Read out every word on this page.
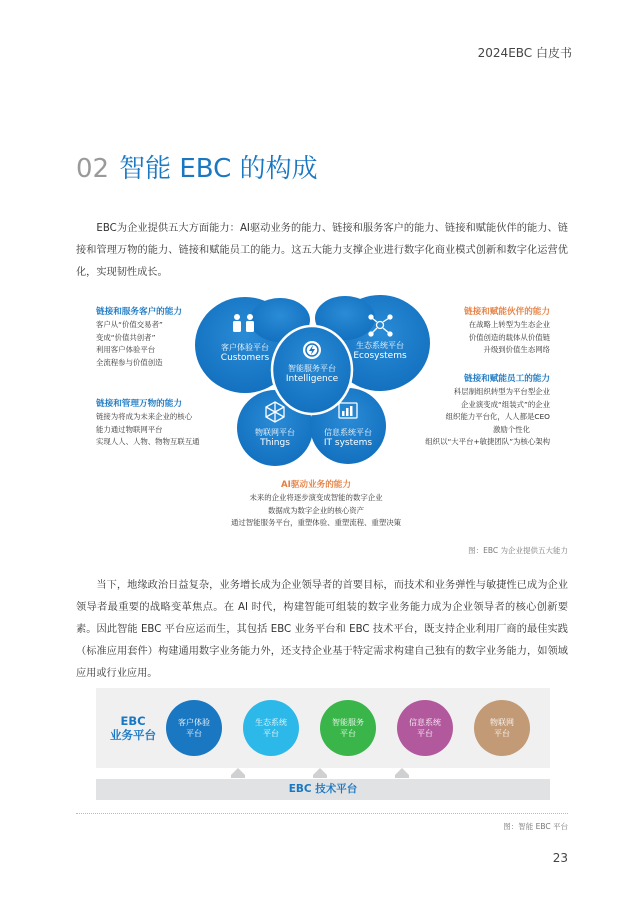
2024EBC 白皮书
02 智能 EBC 的构成
EBC为企业提供五大方面能力：AI驱动业务的能力、链接和服务客户的能力、链接和赋能伙伴的能力、链接和管理万物的能力、链接和赋能员工的能力。这五大能力支撑企业进行数字化商业模式创新和数字化运营优化，实现韧性成长。
客户体验平台
Customers
生态系统平台
Ecosystems
智能服务平台
Intelligence
物联网平台
Things
信息系统平台
IT systems
链接和服务客户的能力
客户从“价值交易者”
变成“价值共创者”
利用客户体验平台
全流程参与价值创造
链接和管理万物的能力
链接为将成为未来企业的核心
能力通过物联网平台
实现人人、人物、物物互联互通
链接和赋能伙伴的能力
在战略上转型为生态企业
价值创造的载体从价值链
升级到价值生态网络
链接和赋能员工的能力
科层制组织转型为平台型企业
企业演变成“组装式”的企业
组织能力平台化，人人都是CEO
激励个性化
组织以“大平台+敏捷团队”为核心架构
AI驱动业务的能力
未来的企业将逐步演变成智能的数字企业
数据成为数字企业的核心资产
通过智能服务平台，重塑体验、重塑流程、重塑决策
图：EBC 为企业提供五大能力
当下，地缘政治日益复杂，业务增长成为企业领导者的首要目标，而技术和业务弹性与敏捷性已成为企业领导者最重要的战略变革焦点。在 AI 时代，构建智能可组装的数字业务能力成为企业领导者的核心创新要素。因此智能 EBC 平台应运而生，其包括 EBC 业务平台和 EBC 技术平台，既支持企业利用厂商的最佳实践（标准应用套件）构建通用数字业务能力外，还支持企业基于特定需求构建自己独有的数字业务能力，如领域应用或行业应用。
EBC
业务平台
客户体验
平台
生态系统
平台
智能服务
平台
信息系统
平台
物联网
平台
EBC 技术平台
图：智能 EBC 平台
23
